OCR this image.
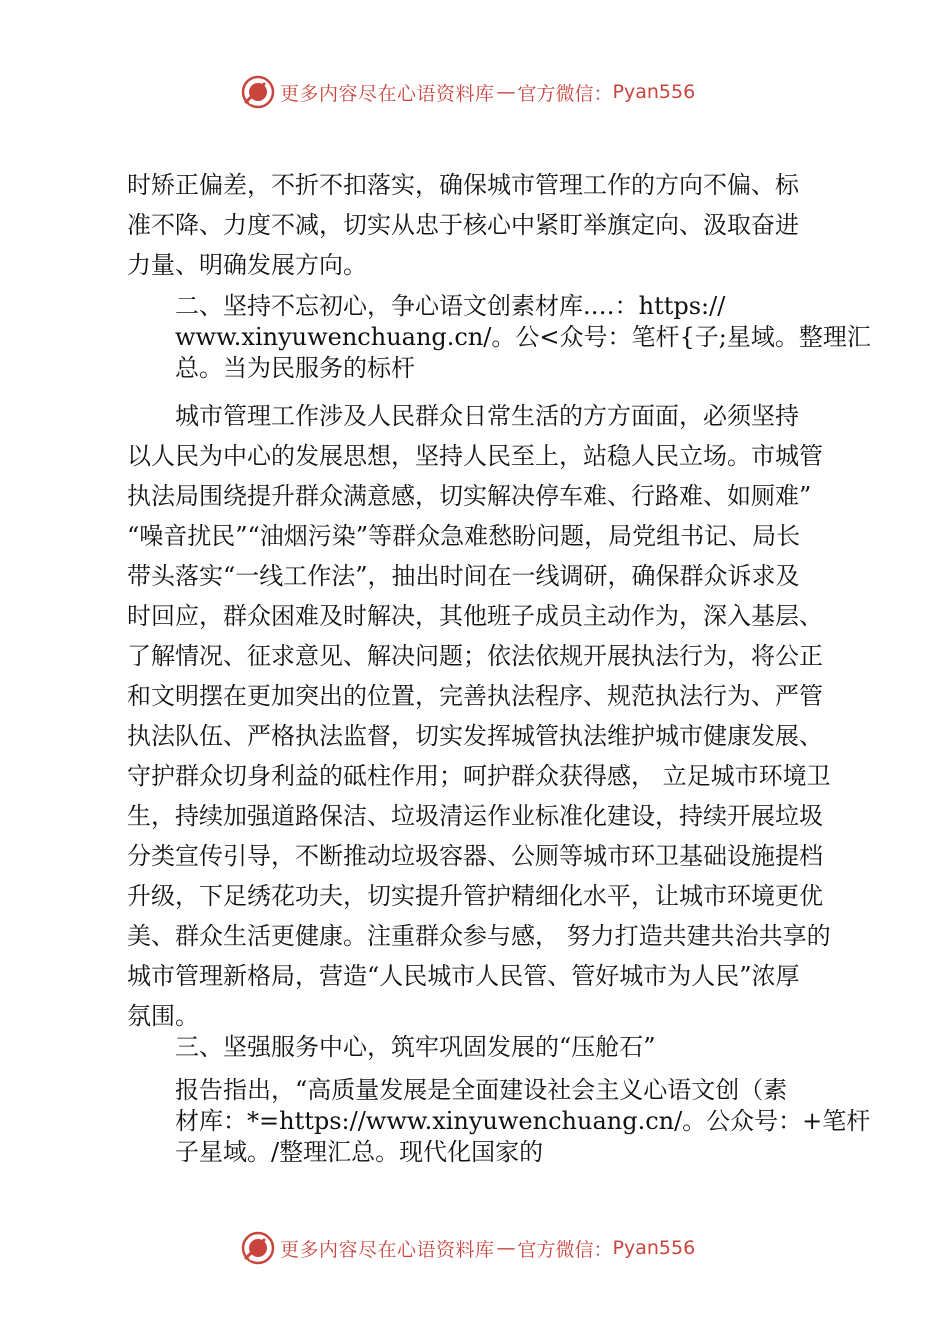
更多内容尽在心语资料库 — 官方微信： Pyan556

时矫正偏差，不折不扣落实，确保城市管理工作的方向不偏、标
准不降、力度不减，切实从忠于核心中紧盯举旗定向、汲取奋进
力量、明确发展方向。

二、坚持不忘初心，争心语文创素材库.…：https://
www.xinyuwenchuang.cn/。公<众号：笔杆{子;星域。整理汇
总。当为民服务的标杆

城市管理工作涉及人民群众日常生活的方方面面，必须坚持
以人民为中心的发展思想，坚持人民至上，站稳人民立场。市城管
执法局围绕提升群众满意感，切实解决停车难、行路难、如厕难”
“噪音扰民”“油烟污染”等群众急难愁盼问题，局党组书记、局长
带头落实“一线工作法”，抽出时间在一线调研，确保群众诉求及
时回应，群众困难及时解决，其他班子成员主动作为，深入基层、
了解情况、征求意见、解决问题；依法依规开展执法行为，将公正
和文明摆在更加突出的位置，完善执法程序、规范执法行为、严管
执法队伍、严格执法监督，切实发挥城管执法维护城市健康发展、
守护群众切身利益的砥柱作用；呵护群众获得感， 立足城市环境卫
生，持续加强道路保洁、垃圾清运作业标准化建设，持续开展垃圾
分类宣传引导，不断推动垃圾容器、公厕等城市环卫基础设施提档
升级，下足绣花功夫，切实提升管护精细化水平，让城市环境更优
美、群众生活更健康。注重群众参与感， 努力打造共建共治共享的
城市管理新格局，营造“人民城市人民管、管好城市为人民”浓厚
氛围。

三、坚强服务中心，筑牢巩固发展的“压舱石”

报告指出，“高质量发展是全面建设社会主义心语文创（素
材库：*=https://www.xinyuwenchuang.cn/。公众号：+笔杆
子星域。/整理汇总。现代化国家的

更多内容尽在心语资料库 — 官方微信： Pyan556
